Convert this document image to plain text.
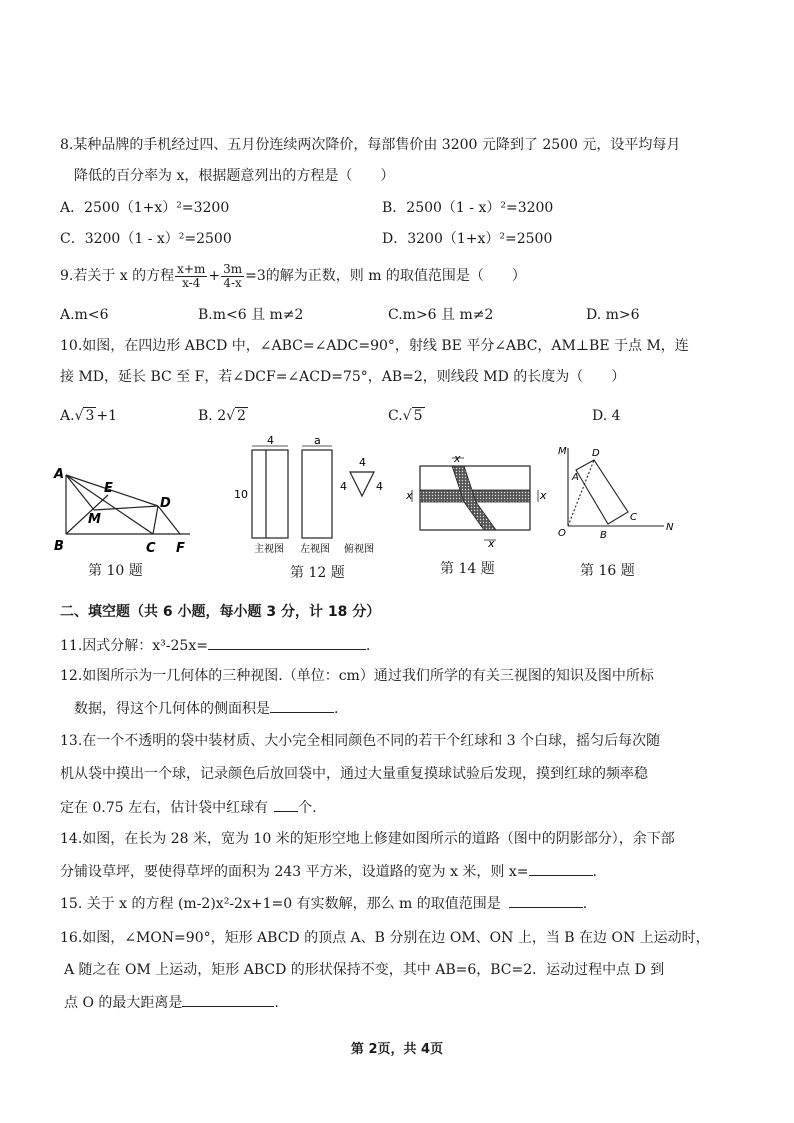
8.某种品牌的手机经过四、五月份连续两次降价，每部售价由 3200 元降到了 2500 元，设平均每月
降低的百分率为 x，根据题意列出的方程是（　　）
A．2500（1+x）²=3200	B．2500（1 - x）²=3200
C．3200（1 - x）²=2500	D．3200（1+x）²=2500
9.若关于 x 的方程 $\frac{x+m}{x-4} + \frac{3m}{4-x} =3$的解为正数，则 m 的取值范围是（　　）
A.m<6	B.m<6 且 m≠2	C.m>6 且 m≠2	D. m>6
10.如图，在四边形 ABCD 中，∠ABC=∠ADC=90°，射线 BE 平分∠ABC，AM⊥BE 于点 M，连
接 MD，延长 BC 至 F，若∠DCF=∠ACD=75°，AB=2，则线段 MD 的长度为（　　）
A.√ 3 +1	B. 2√ 2	C.√ 5	D. 4
A
E
D
M
B	C F
第 10 题
4	a
10
4
4	4
主视图 左视图 俯视图
第 12 题
x
x	x
x
第 14 题
M
O
D
A
B
C
N
第 16 题
二、填空题（共 6 小题，每小题 3 分，计 18 分）
11.因式分解：x³-25x=	．
12.如图所示为一几何体的三种视图.（单位：cm）通过我们所学的有关三视图的知识及图中所标
数据，得这个几何体的侧面积是	.
13.在一个不透明的袋中装材质、大小完全相同颜色不同的若干个红球和 3 个白球，摇匀后每次随
机从袋中摸出一个球，记录颜色后放回袋中，通过大量重复摸球试验后发现，摸到红球的频率稳
定在 0.75 左右，估计袋中红球有 个.
14.如图，在长为 28 米，宽为 10 米的矩形空地上修建如图所示的道路（图中的阴影部分），余下部
分铺设草坪，要使得草坪的面积为 243 平方米，设道路的宽为 x 米，则 x=	.
15. 关于 x 的方程 (m-2)x²-2x+1=0 有实数解，那么 m 的取值范围是	.
16.如图，∠MON=90°，矩形 ABCD 的顶点 A、B 分别在边 OM、ON 上，当 B 在边 ON 上运动时，
A 随之在 OM 上运动，矩形 ABCD 的形状保持不变，其中 AB=6，BC=2．运动过程中点 D 到
点 O 的最大距离是	.
第 2页，共 4页
